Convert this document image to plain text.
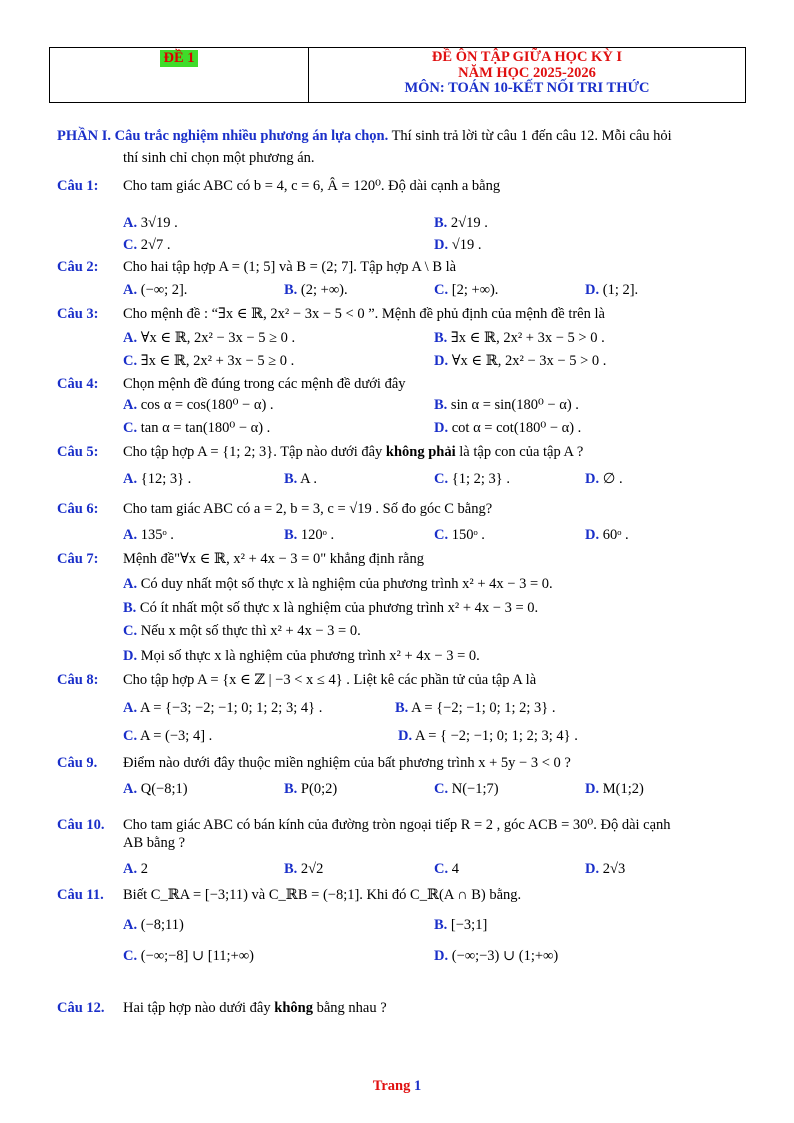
ĐỀ 1	ĐỀ ÔN TẬP GIỮA HỌC KỲ I
NĂM HỌC 2025-2026
MÔN: TOÁN 10-KẾT NỐI TRI THỨC
PHẦN I. Câu trắc nghiệm nhiều phương án lựa chọn. Thí sinh trả lời từ câu 1 đến câu 12. Mỗi câu hỏi
thí sinh chỉ chọn một phương án.
Câu 1: Cho tam giác ABC có b = 4, c = 6, Â = 120⁰. Độ dài cạnh a bằng
A. 3√19 .	B. 2√19 .
C. 2√7 .	D. √19 .
Câu 2: Cho hai tập hợp A = (1; 5] và B = (2; 7]. Tập hợp A \ B là
A. (−∞; 2].	B. (2; +∞).	C. [2; +∞).	D. (1; 2].
Câu 3: Cho mệnh đề : “∃x ∈ ℝ, 2x² − 3x − 5 < 0 ”. Mệnh đề phủ định của mệnh đề trên là
A. ∀x ∈ ℝ, 2x² − 3x − 5 ≥ 0 .	B. ∃x ∈ ℝ, 2x² + 3x − 5 > 0 .
C. ∃x ∈ ℝ, 2x² + 3x − 5 ≥ 0 .	D. ∀x ∈ ℝ, 2x² − 3x − 5 > 0 .
Câu 4: Chọn mệnh đề đúng trong các mệnh đề dưới đây
A. cos α = cos(180⁰ − α) .	B. sin α = sin(180⁰ − α) .
C. tan α = tan(180⁰ − α) .	D. cot α = cot(180⁰ − α) .
Câu 5: Cho tập hợp A = {1; 2; 3}. Tập nào dưới đây không phải là tập con của tập A ?
A. {12; 3} .	B. A .	C. {1; 2; 3} .	D. ∅ .
Câu 6: Cho tam giác ABC có a = 2, b = 3, c = √19 . Số đo góc C bằng?
A. 135ᵒ .	B. 120ᵒ .	C. 150ᵒ .	D. 60ᵒ .
Câu 7: Mệnh đề"∀x ∈ ℝ, x² + 4x − 3 = 0" khẳng định rằng
A. Có duy nhất một số thực x là nghiệm của phương trình x² + 4x − 3 = 0.
B. Có ít nhất một số thực x là nghiệm của phương trình x² + 4x − 3 = 0.
C. Nếu x một số thực thì x² + 4x − 3 = 0.
D. Mọi số thực x là nghiệm của phương trình x² + 4x − 3 = 0.
Câu 8: Cho tập hợp A = {x ∈ ℤ | −3 < x ≤ 4} . Liệt kê các phần tử của tập A là
A. A = {−3; −2; −1; 0; 1; 2; 3; 4} .	B. A = {−2; −1; 0; 1; 2; 3} .
C. A = (−3; 4] .	D. A = { −2; −1; 0; 1; 2; 3; 4} .
Câu 9. Điểm nào dưới đây thuộc miền nghiệm của bất phương trình x + 5y − 3 < 0 ?
A. Q(−8;1)	B. P(0;2)	C. N(−1;7)	D. M(1;2)
Câu 10. Cho tam giác ABC có bán kính của đường tròn ngoại tiếp R = 2 , góc ACB = 30⁰. Độ dài cạnh
AB bằng ?
A. 2	B. 2√2	C. 4	D. 2√3
Câu 11. Biết C_ℝA = [−3;11) và C_ℝB = (−8;1]. Khi đó C_ℝ(A ∩ B) bằng.
A. (−8;11)	B. [−3;1]
C. (−∞;−8] ∪ [11;+∞)	D. (−∞;−3) ∪ (1;+∞)
Câu 12. Hai tập hợp nào dưới đây không bằng nhau ?
Trang 1
